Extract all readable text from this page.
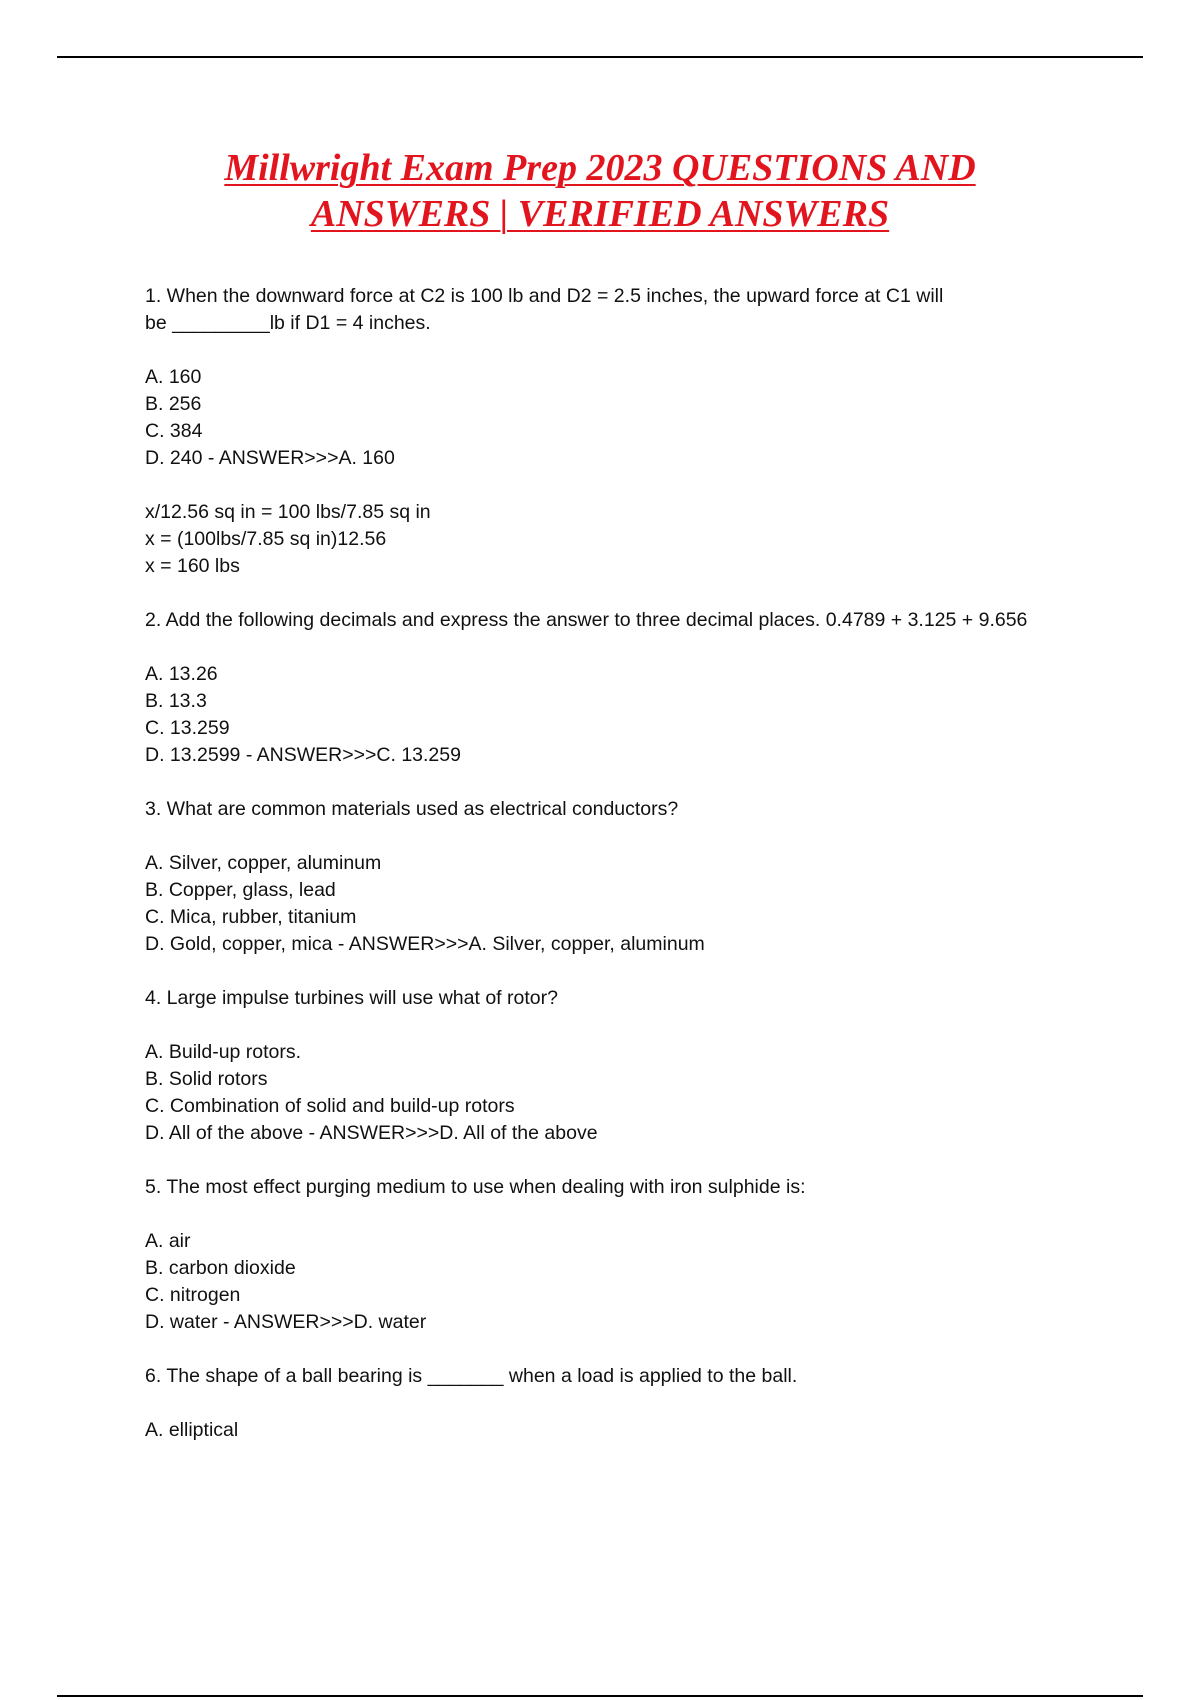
Millwright Exam Prep 2023 QUESTIONS AND
ANSWERS | VERIFIED ANSWERS

1. When the downward force at C2 is 100 lb and D2 = 2.5 inches, the upward force at C1 will

be _________lb if D1 = 4 inches.

A. 160

B. 256

C. 384

D. 240 - ANSWER>>>A. 160

x/12.56 sq in = 100 lbs/7.85 sq in

x = (100lbs/7.85 sq in)12.56

x = 160 lbs

2. Add the following decimals and express the answer to three decimal places. 0.4789 + 3.125 + 9.656

A. 13.26

B. 13.3

C. 13.259

D. 13.2599 - ANSWER>>>C. 13.259

3. What are common materials used as electrical conductors?

A. Silver, copper, aluminum

B. Copper, glass, lead

C. Mica, rubber, titanium

D. Gold, copper, mica - ANSWER>>>A. Silver, copper, aluminum

4. Large impulse turbines will use what of rotor?

A. Build-up rotors.

B. Solid rotors

C. Combination of solid and build-up rotors

D. All of the above - ANSWER>>>D. All of the above

5. The most effect purging medium to use when dealing with iron sulphide is:

A. air

B. carbon dioxide

C. nitrogen

D. water - ANSWER>>>D. water

6. The shape of a ball bearing is _______ when a load is applied to the ball.

A. elliptical
